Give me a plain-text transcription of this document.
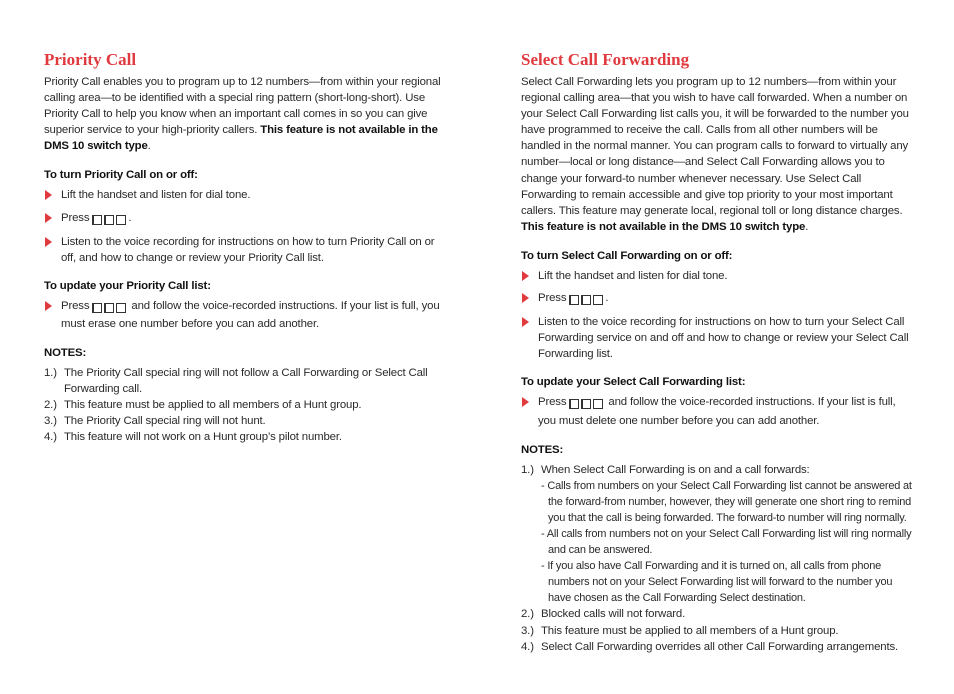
Priority Call

Priority Call enables you to program up to 12 numbers—from within your regional calling area—to be identified with a special ring pattern (short-long-short). Use Priority Call to help you know when an important call comes in so you can give superior service to your high-priority callers. This feature is not available in the DMS 10 switch type.

To turn Priority Call on or off:

Lift the handset and listen for dial tone.
Press	.
Listen to the voice recording for instructions on how to turn Priority Call on or off, and how to change or review your Priority Call list.

To update your Priority Call list:

Press	and follow the voice-recorded instructions. If your list is full, you must erase one number before you can add another.

NOTES:

1.) The Priority Call special ring will not follow a Call Forwarding or Select Call Forwarding call.
2.) This feature must be applied to all members of a Hunt group.
3.) The Priority Call special ring will not hunt.
4.) This feature will not work on a Hunt group’s pilot number.
Select Call Forwarding

Select Call Forwarding lets you program up to 12 numbers—from within your regional calling area—that you wish to have call forwarded. When a number on your Select Call Forwarding list calls you, it will be forwarded to the number you have programmed to receive the call. Calls from all other numbers will be handled in the normal manner. You can program calls to forward to virtually any number—local or long distance—and Select Call Forwarding allows you to change your forward-to number whenever necessary. Use Select Call Forwarding to remain accessible and give top priority to your most important callers. This feature may generate local, regional toll or long distance charges. This feature is not available in the DMS 10 switch type.

To turn Select Call Forwarding on or off:

Lift the handset and listen for dial tone.
Press	.
Listen to the voice recording for instructions on how to turn your Select Call Forwarding service on and off and how to change or review your Select Call Forwarding list.

To update your Select Call Forwarding list:

Press	and follow the voice-recorded instructions. If your list is full, you must delete one number before you can add another.

NOTES:

1.) When Select Call Forwarding is on and a call forwards:
- Calls from numbers on your Select Call Forwarding list cannot be answered at the forward-from number, however, they will generate one short ring to remind you that the call is being forwarded. The forward-to number will ring normally.
- All calls from numbers not on your Select Call Forwarding list will ring normally and can be answered.
- If you also have Call Forwarding and it is turned on, all calls from phone numbers not on your Select Forwarding list will forward to the number you have chosen as the Call Forwarding Select destination.
2.) Blocked calls will not forward.
3.) This feature must be applied to all members of a Hunt group.
4.) Select Call Forwarding overrides all other Call Forwarding arrangements.
